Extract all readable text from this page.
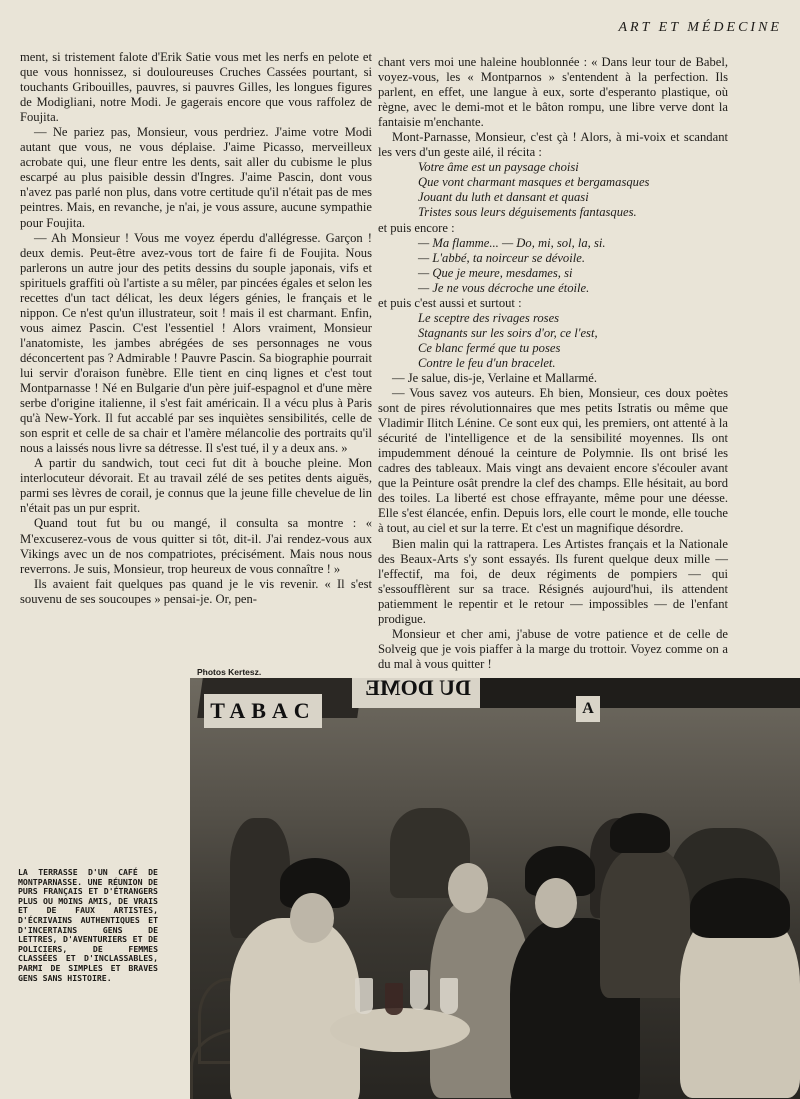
ART ET MÉDECINE

ment, si tristement falote d'Erik Satie vous met les nerfs en pelote et que vous honnissez, si douloureuses Cruches Cassées pourtant, si touchants Gribouilles, pauvres, si pauvres Gilles, les longues figures de Modigliani, notre Modi. Je gagerais encore que vous raffolez de Foujita.

— Ne pariez pas, Monsieur, vous perdriez. J'aime votre Modi autant que vous, ne vous déplaise. J'aime Picasso, merveilleux acrobate qui, une fleur entre les dents, sait aller du cubisme le plus escarpé au plus paisible dessin d'Ingres. J'aime Pascin, dont vous n'avez pas parlé non plus, dans votre certitude qu'il n'était pas de mes peintres. Mais, en revanche, je n'ai, je vous assure, aucune sympathie pour Foujita.

— Ah Monsieur ! Vous me voyez éperdu d'allégresse. Garçon ! deux demis. Peut-être avez-vous tort de faire fi de Foujita. Nous parlerons un autre jour des petits dessins du souple japonais, vifs et spirituels graffiti où l'artiste a su mêler, par pincées égales et selon les recettes d'un tact délicat, les deux légers génies, le français et le nippon. Ce n'est qu'un illustrateur, soit ! mais il est charmant. Enfin, vous aimez Pascin. C'est l'essentiel ! Alors vraiment, Monsieur l'anatomiste, les jambes abrégées de ses personnages ne vous déconcertent pas ? Admirable ! Pauvre Pascin. Sa biographie pourrait lui servir d'oraison funèbre. Elle tient en cinq lignes et c'est tout Montparnasse ! Né en Bulgarie d'un père juif-espagnol et d'une mère serbe d'origine italienne, il s'est fait américain. Il a vécu plus à Paris qu'à New-York. Il fut accablé par ses inquiètes sensibilités, celle de son esprit et celle de sa chair et l'amère mélancolie des portraits qu'il nous a laissés nous livre sa détresse. Il s'est tué, il y a deux ans. »

A partir du sandwich, tout ceci fut dit à bouche pleine. Mon interlocuteur dévorait. Et au travail zélé de ses petites dents aiguës, parmi ses lèvres de corail, je connus que la jeune fille chevelue de lin n'était pas un pur esprit.

Quand tout fut bu ou mangé, il consulta sa montre : « M'excuserez-vous de vous quitter si tôt, dit-il. J'ai rendez-vous aux Vikings avec un de nos compatriotes, précisément. Mais nous nous reverrons. Je suis, Monsieur, trop heureux de vous connaître ! »

Ils avaient fait quelques pas quand je le vis revenir. « Il s'est souvenu de ses soucoupes » pensai-je. Or, pen-

chant vers moi une haleine houblonnée : « Dans leur tour de Babel, voyez-vous, les « Montparnos » s'entendent à la perfection. Ils parlent, en effet, une langue à eux, sorte d'esperanto plastique, où règne, avec le demi-mot et le bâton rompu, une libre verve dont la fantaisie m'enchante.

Mont-Parnasse, Monsieur, c'est çà ! Alors, à mi-voix et scandant les vers d'un geste ailé, il récita :

Votre âme est un paysage choisi

Que vont charmant masques et bergamasques

Jouant du luth et dansant et quasi

Tristes sous leurs déguisements fantasques.

et puis encore :

— Ma flamme... — Do, mi, sol, la, si.

— L'abbé, ta noirceur se dévoile.

— Que je meure, mesdames, si

— Je ne vous décroche une étoile.

et puis c'est aussi et surtout :

Le sceptre des rivages roses

Stagnants sur les soirs d'or, ce l'est,

Ce blanc fermé que tu poses

Contre le feu d'un bracelet.

— Je salue, dis-je, Verlaine et Mallarmé.

— Vous savez vos auteurs. Eh bien, Monsieur, ces doux poètes sont de pires révolutionnaires que mes petits Istratis ou même que Vladimir Ilitch Lénine. Ce sont eux qui, les premiers, ont attenté à la sécurité de l'intelligence et de la sensibilité moyennes. Ils ont impudemment dénoué la ceinture de Polymnie. Ils ont brisé les cadres des tableaux. Mais vingt ans devaient encore s'écouler avant que la Peinture osât prendre la clef des champs. Elle hésitait, au bord des toiles. La liberté est chose effrayante, même pour une déesse. Elle s'est élancée, enfin. Depuis lors, elle court le monde, elle touche à tout, au ciel et sur la terre. Et c'est un magnifique désordre.

Bien malin qui la rattrapera. Les Artistes français et la Nationale des Beaux-Arts s'y sont essayés. Ils furent quelque deux mille — l'effectif, ma foi, de deux régiments de pompiers — qui s'essoufflèrent sur sa trace. Résignés aujourd'hui, ils attendent patiemment le repentir et le retour — impossibles — de l'enfant prodigue.

Monsieur et cher ami, j'abuse de votre patience et de celle de Solveig que je vois piaffer à la marge du trottoir. Voyez comme on a du mal à vous quitter !

Photos Kertesz.
TABAC
DU DOME
A
LA TERRASSE D'UN CAFÉ DE MONTPARNASSE. UNE RÉUNION DE PURS FRANÇAIS ET D'ÉTRANGERS PLUS OU MOINS AMIS, DE VRAIS ET DE FAUX ARTISTES, D'ÉCRIVAINS AUTHENTIQUES ET D'INCERTAINS GENS DE LETTRES, D'AVENTURIERS ET DE POLICIERS, DE FEMMES CLASSÉES ET D'INCLASSABLES, PARMI DE SIMPLES ET BRAVES GENS SANS HISTOIRE.
